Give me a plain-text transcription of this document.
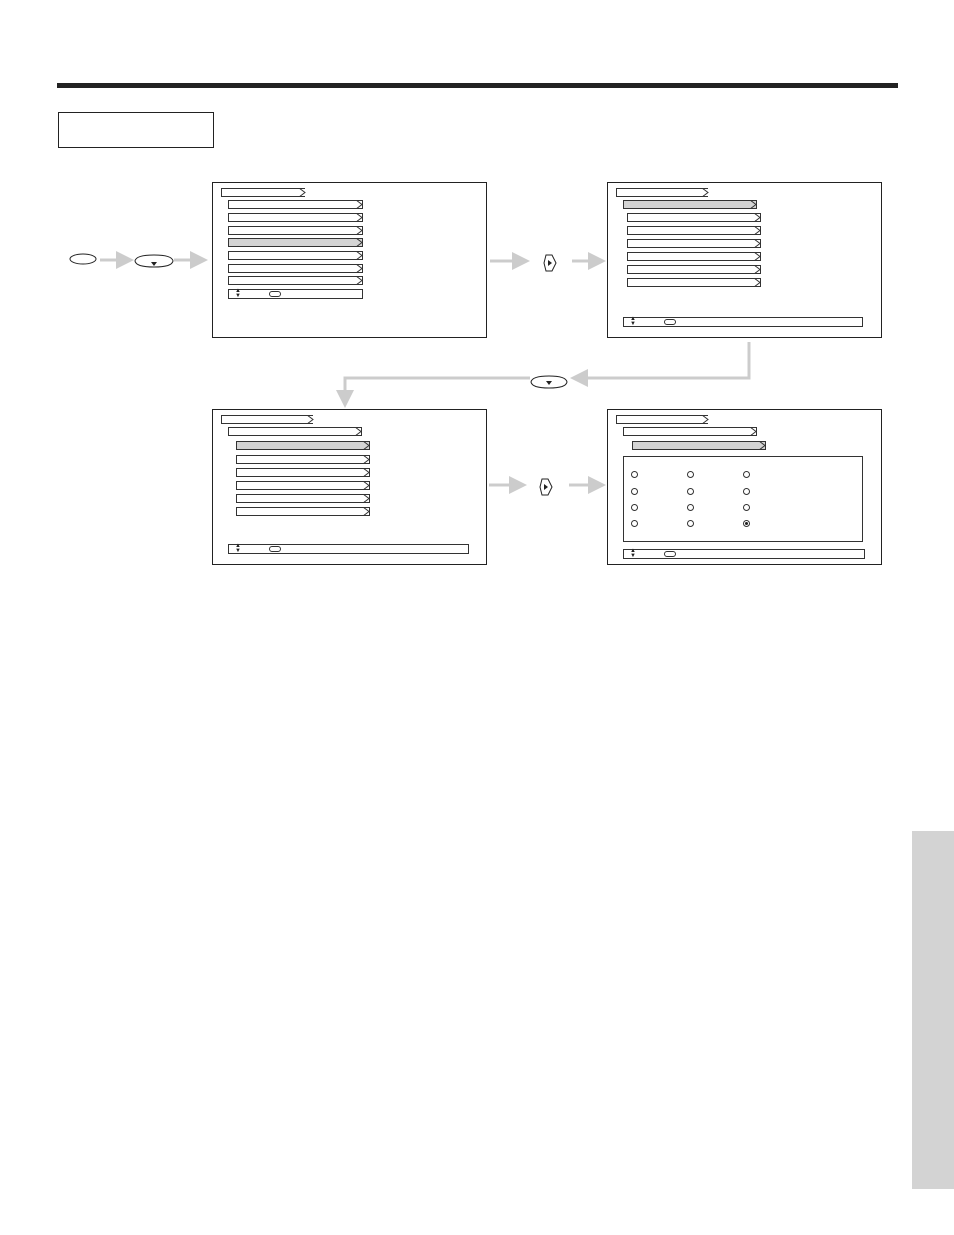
▲
▼
▲
▼
▲
▼	▲
▼
